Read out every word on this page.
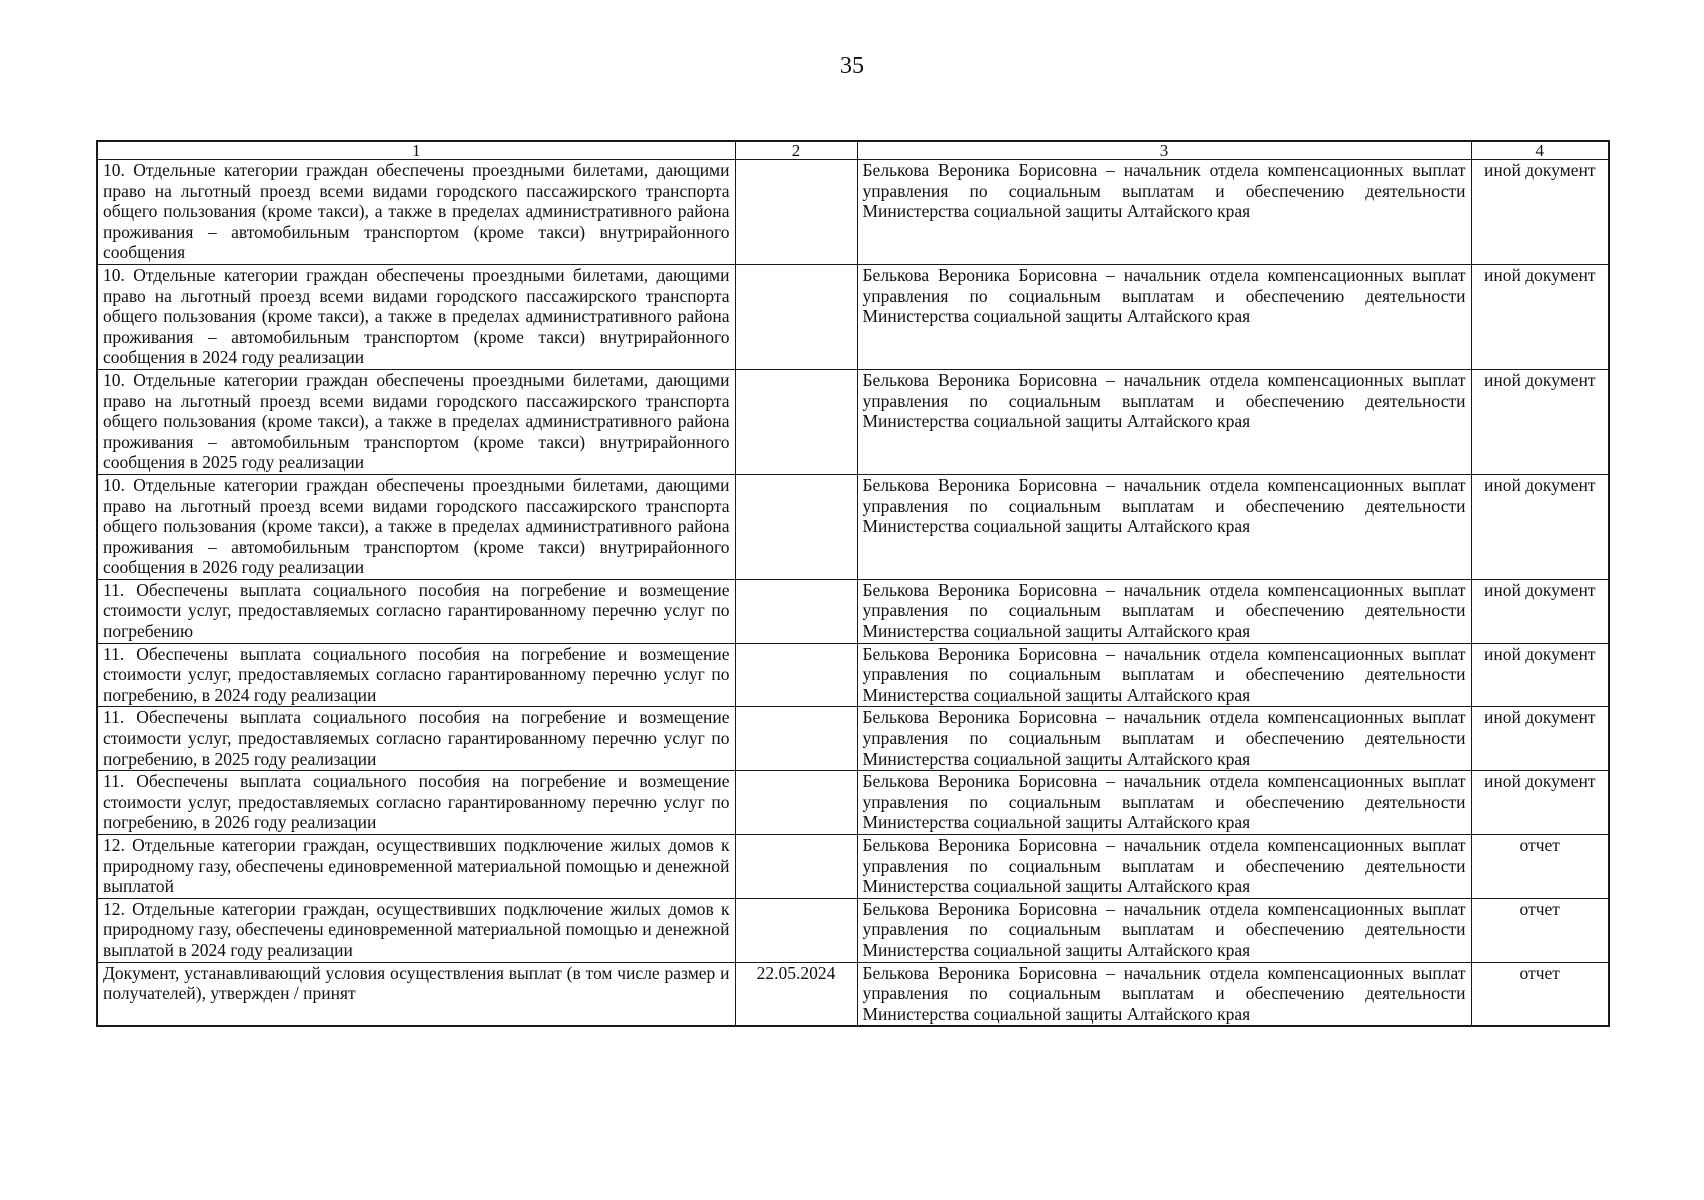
35
1	2	3	4
10. Отдельные категории граждан обеспечены проездными билетами, дающими право на льготный проезд всеми видами городского пассажирского транспорта общего пользования (кроме такси), а также в пределах административного района проживания – автомобильным транспортом (кроме такси) внутрирайонного сообщения		Белькова Вероника Борисовна – начальник отдела компенсационных выплат управления по социальным выплатам и обеспечению деятельности Министерства социальной защиты Алтайского края	иной документ
10. Отдельные категории граждан обеспечены проездными билетами, дающими право на льготный проезд всеми видами городского пассажирского транспорта общего пользования (кроме такси), а также в пределах административного района проживания – автомобильным транспортом (кроме такси) внутрирайонного сообщения в 2024 году реализации		Белькова Вероника Борисовна – начальник отдела компенсационных выплат управления по социальным выплатам и обеспечению деятельности Министерства социальной защиты Алтайского края	иной документ
10. Отдельные категории граждан обеспечены проездными билетами, дающими право на льготный проезд всеми видами городского пассажирского транспорта общего пользования (кроме такси), а также в пределах административного района проживания – автомобильным транспортом (кроме такси) внутрирайонного сообщения в 2025 году реализации		Белькова Вероника Борисовна – начальник отдела компенсационных выплат управления по социальным выплатам и обеспечению деятельности Министерства социальной защиты Алтайского края	иной документ
10. Отдельные категории граждан обеспечены проездными билетами, дающими право на льготный проезд всеми видами городского пассажирского транспорта общего пользования (кроме такси), а также в пределах административного района проживания – автомобильным транспортом (кроме такси) внутрирайонного сообщения в 2026 году реализации		Белькова Вероника Борисовна – начальник отдела компенсационных выплат управления по социальным выплатам и обеспечению деятельности Министерства социальной защиты Алтайского края	иной документ
11. Обеспечены выплата социального пособия на погребение и возмещение стоимости услуг, предоставляемых согласно гарантированному перечню услуг по погребению		Белькова Вероника Борисовна – начальник отдела компенсационных выплат управления по социальным выплатам и обеспечению деятельности Министерства социальной защиты Алтайского края	иной документ
11. Обеспечены выплата социального пособия на погребение и возмещение стоимости услуг, предоставляемых согласно гарантированному перечню услуг по погребению, в 2024 году реализации		Белькова Вероника Борисовна – начальник отдела компенсационных выплат управления по социальным выплатам и обеспечению деятельности Министерства социальной защиты Алтайского края	иной документ
11. Обеспечены выплата социального пособия на погребение и возмещение стоимости услуг, предоставляемых согласно гарантированному перечню услуг по погребению, в 2025 году реализации		Белькова Вероника Борисовна – начальник отдела компенсационных выплат управления по социальным выплатам и обеспечению деятельности Министерства социальной защиты Алтайского края	иной документ
11. Обеспечены выплата социального пособия на погребение и возмещение стоимости услуг, предоставляемых согласно гарантированному перечню услуг по погребению, в 2026 году реализации		Белькова Вероника Борисовна – начальник отдела компенсационных выплат управления по социальным выплатам и обеспечению деятельности Министерства социальной защиты Алтайского края	иной документ
12. Отдельные категории граждан, осуществивших подключение жилых домов к природному газу, обеспечены единовременной материальной помощью и денежной выплатой		Белькова Вероника Борисовна – начальник отдела компенсационных выплат управления по социальным выплатам и обеспечению деятельности Министерства социальной защиты Алтайского края	отчет
12. Отдельные категории граждан, осуществивших подключение жилых домов к природному газу, обеспечены единовременной материальной помощью и денежной выплатой в 2024 году реализации		Белькова Вероника Борисовна – начальник отдела компенсационных выплат управления по социальным выплатам и обеспечению деятельности Министерства социальной защиты Алтайского края	отчет
Документ, устанавливающий условия осуществления выплат (в том числе размер и получателей), утвержден / принят	22.05.2024	Белькова Вероника Борисовна – начальник отдела компенсационных выплат управления по социальным выплатам и обеспечению деятельности Министерства социальной защиты Алтайского края	отчет
